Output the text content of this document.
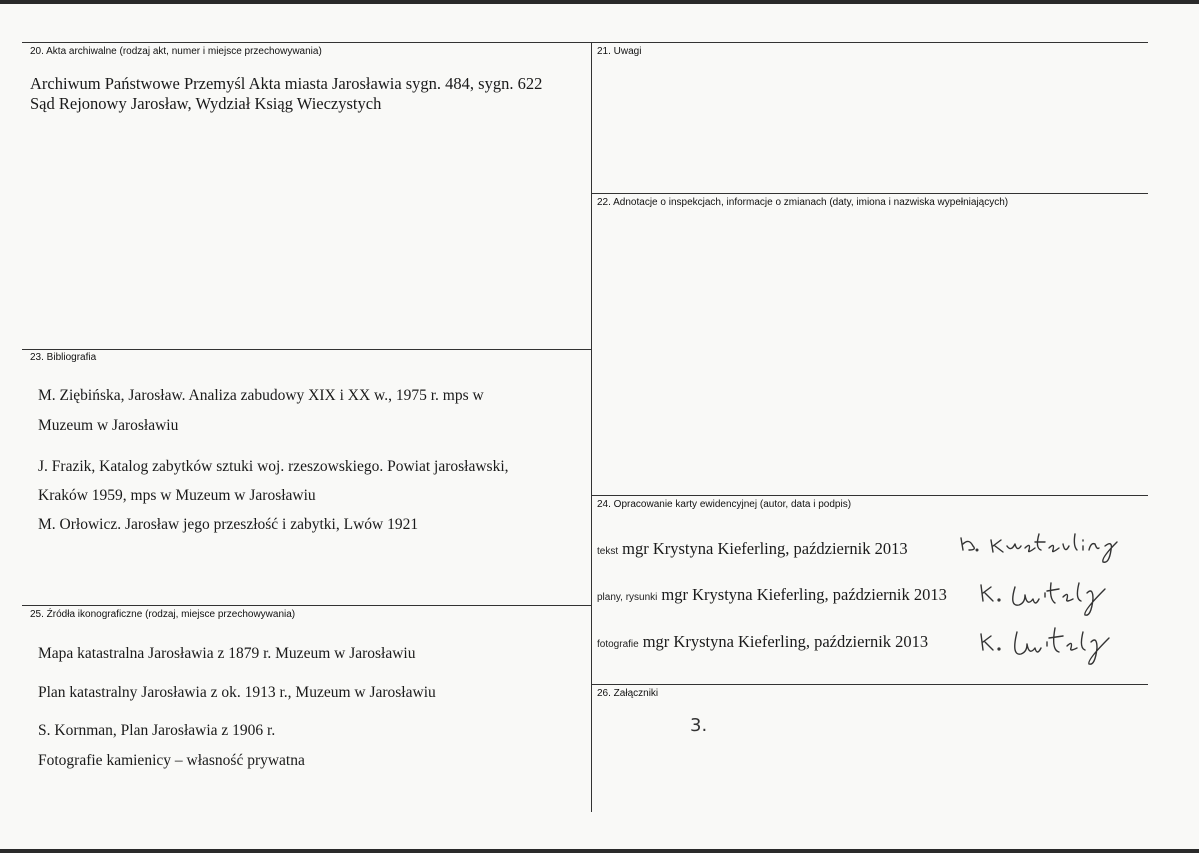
20. Akta archiwalne (rodzaj akt, numer i miejsce przechowywania)
Archiwum Państwowe Przemyśl Akta miasta Jarosławia sygn. 484, sygn. 622
Sąd Rejonowy Jarosław, Wydział Ksiąg Wieczystych
21. Uwagi
22. Adnotacje o inspekcjach, informacje o zmianach (daty, imiona i nazwiska wypełniających)
23. Bibliografia
M. Ziębińska, Jarosław. Analiza zabudowy XIX i XX w., 1975 r. mps w
Muzeum w Jarosławiu
J. Frazik, Katalog zabytków sztuki woj. rzeszowskiego. Powiat jarosławski,
Kraków 1959, mps w Muzeum w Jarosławiu
M. Orłowicz. Jarosław jego przeszłość i zabytki, Lwów 1921
24. Opracowanie karty ewidencyjnej (autor, data i podpis)
tekst mgr Krystyna Kieferling, październik 2013
plany, rysunki mgr Krystyna Kieferling, październik 2013
fotografie mgr Krystyna Kieferling, październik 2013
25. Źródła ikonograficzne (rodzaj, miejsce przechowywania)
Mapa katastralna Jarosławia z 1879 r. Muzeum w Jarosławiu
Plan katastralny Jarosławia z ok. 1913 r., Muzeum w Jarosławiu
S. Kornman, Plan Jarosławia z 1906 r.
Fotografie kamienicy – własność prywatna
26. Załączniki
3.
